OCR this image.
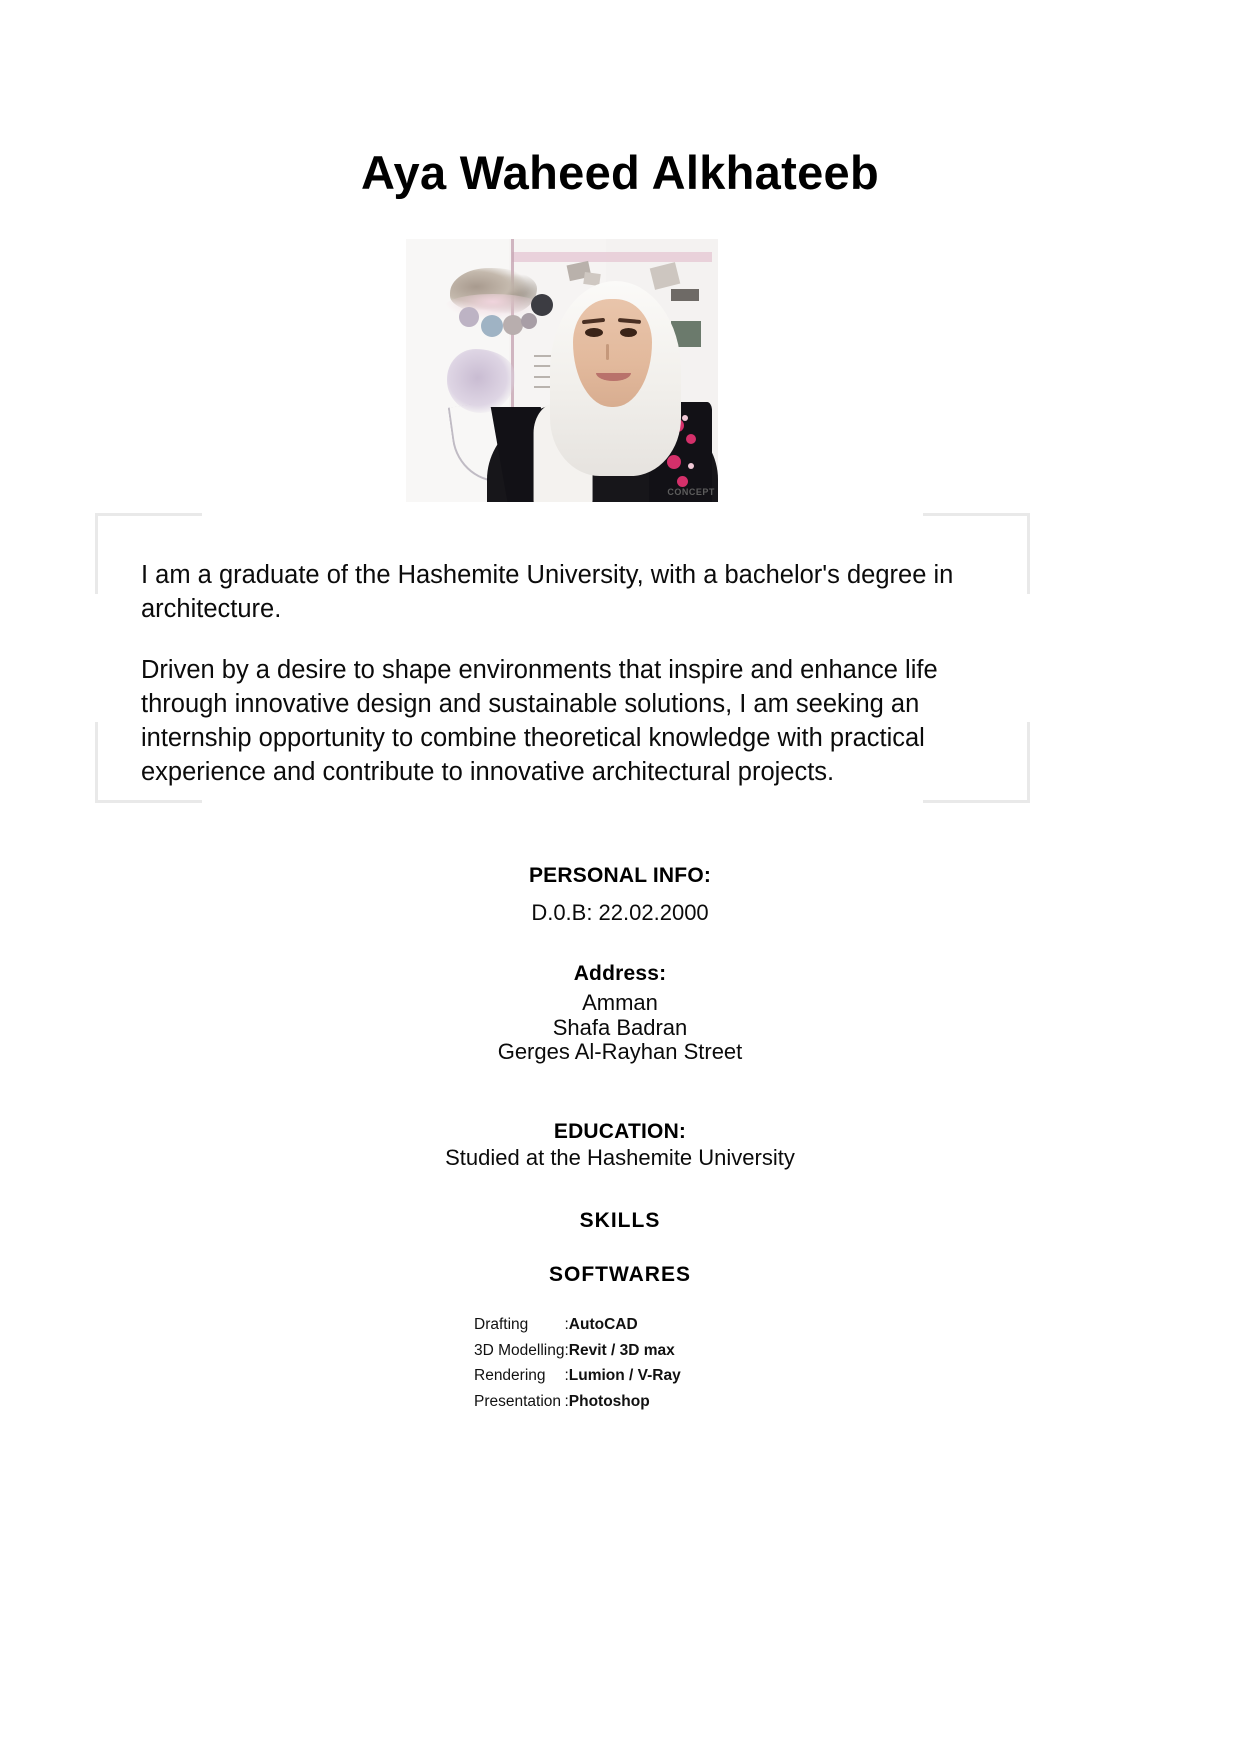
Aya Waheed Alkhateeb
CONCEPT

I am a graduate of the Hashemite University, with a bachelor's degree in architecture.

Driven by a desire to shape environments that inspire and enhance life through innovative design and sustainable solutions, I am seeking an internship opportunity to combine theoretical knowledge with practical experience and contribute to innovative architectural projects.

PERSONAL INFO:
D.0.B: 22.02.2000
Address:
Amman
Shafa Badran
Gerges Al-Rayhan Street
EDUCATION:
Studied at the Hashemite University
SKILLS
SOFTWARES
Drafting	:	AutoCAD
3D Modelling	:	Revit / 3D max
Rendering	:	Lumion / V-Ray
Presentation	:	Photoshop
